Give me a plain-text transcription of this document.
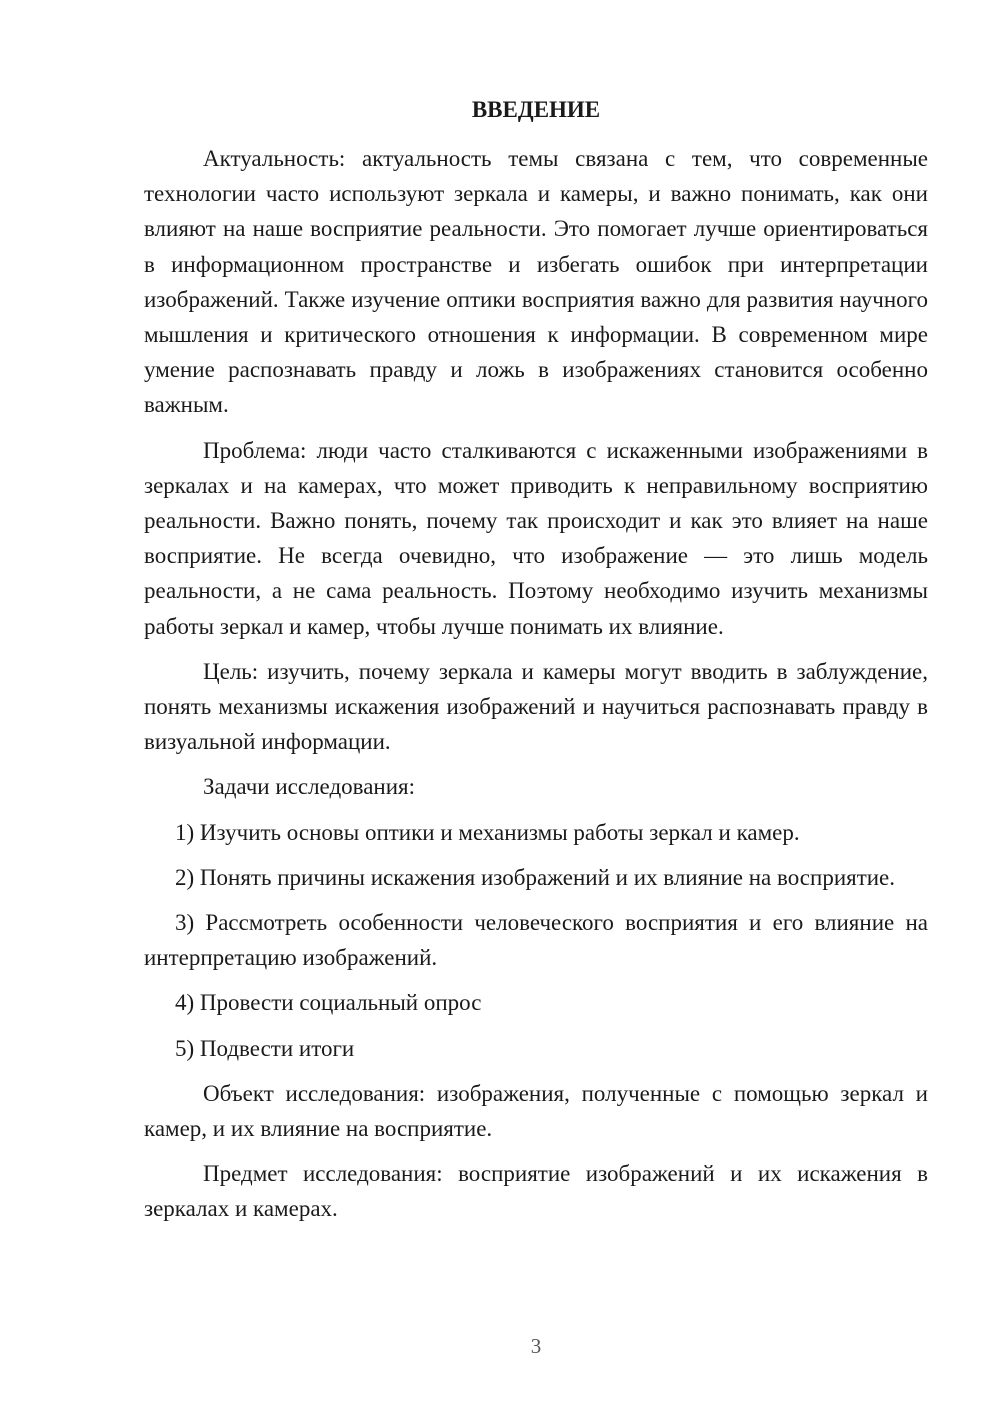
ВВЕДЕНИЕ
Актуальность: актуальность темы связана с тем, что современные технологии часто используют зеркала и камеры, и важно понимать, как они влияют на наше восприятие реальности. Это помогает лучше ориентироваться в информационном пространстве и избегать ошибок при интерпретации изображений. Также изучение оптики восприятия важно для развития научного мышления и критического отношения к информации. В современном мире умение распознавать правду и ложь в изображениях становится особенно важным.
Проблема: люди часто сталкиваются с искаженными изображениями в зеркалах и на камерах, что может приводить к неправильному восприятию реальности. Важно понять, почему так происходит и как это влияет на наше восприятие. Не всегда очевидно, что изображение — это лишь модель реальности, а не сама реальность. Поэтому необходимо изучить механизмы работы зеркал и камер, чтобы лучше понимать их влияние.
Цель: изучить, почему зеркала и камеры могут вводить в заблуждение, понять механизмы искажения изображений и научиться распознавать правду в визуальной информации.
Задачи исследования:
1) Изучить основы оптики и механизмы работы зеркал и камер.
2) Понять причины искажения изображений и их влияние на восприятие.
3) Рассмотреть особенности человеческого восприятия и его влияние на интерпретацию изображений.
4) Провести социальный опрос
5) Подвести итоги
Объект исследования: изображения, полученные с помощью зеркал и камер, и их влияние на восприятие.
Предмет исследования: восприятие изображений и их искажения в зеркалах и камерах.
3
